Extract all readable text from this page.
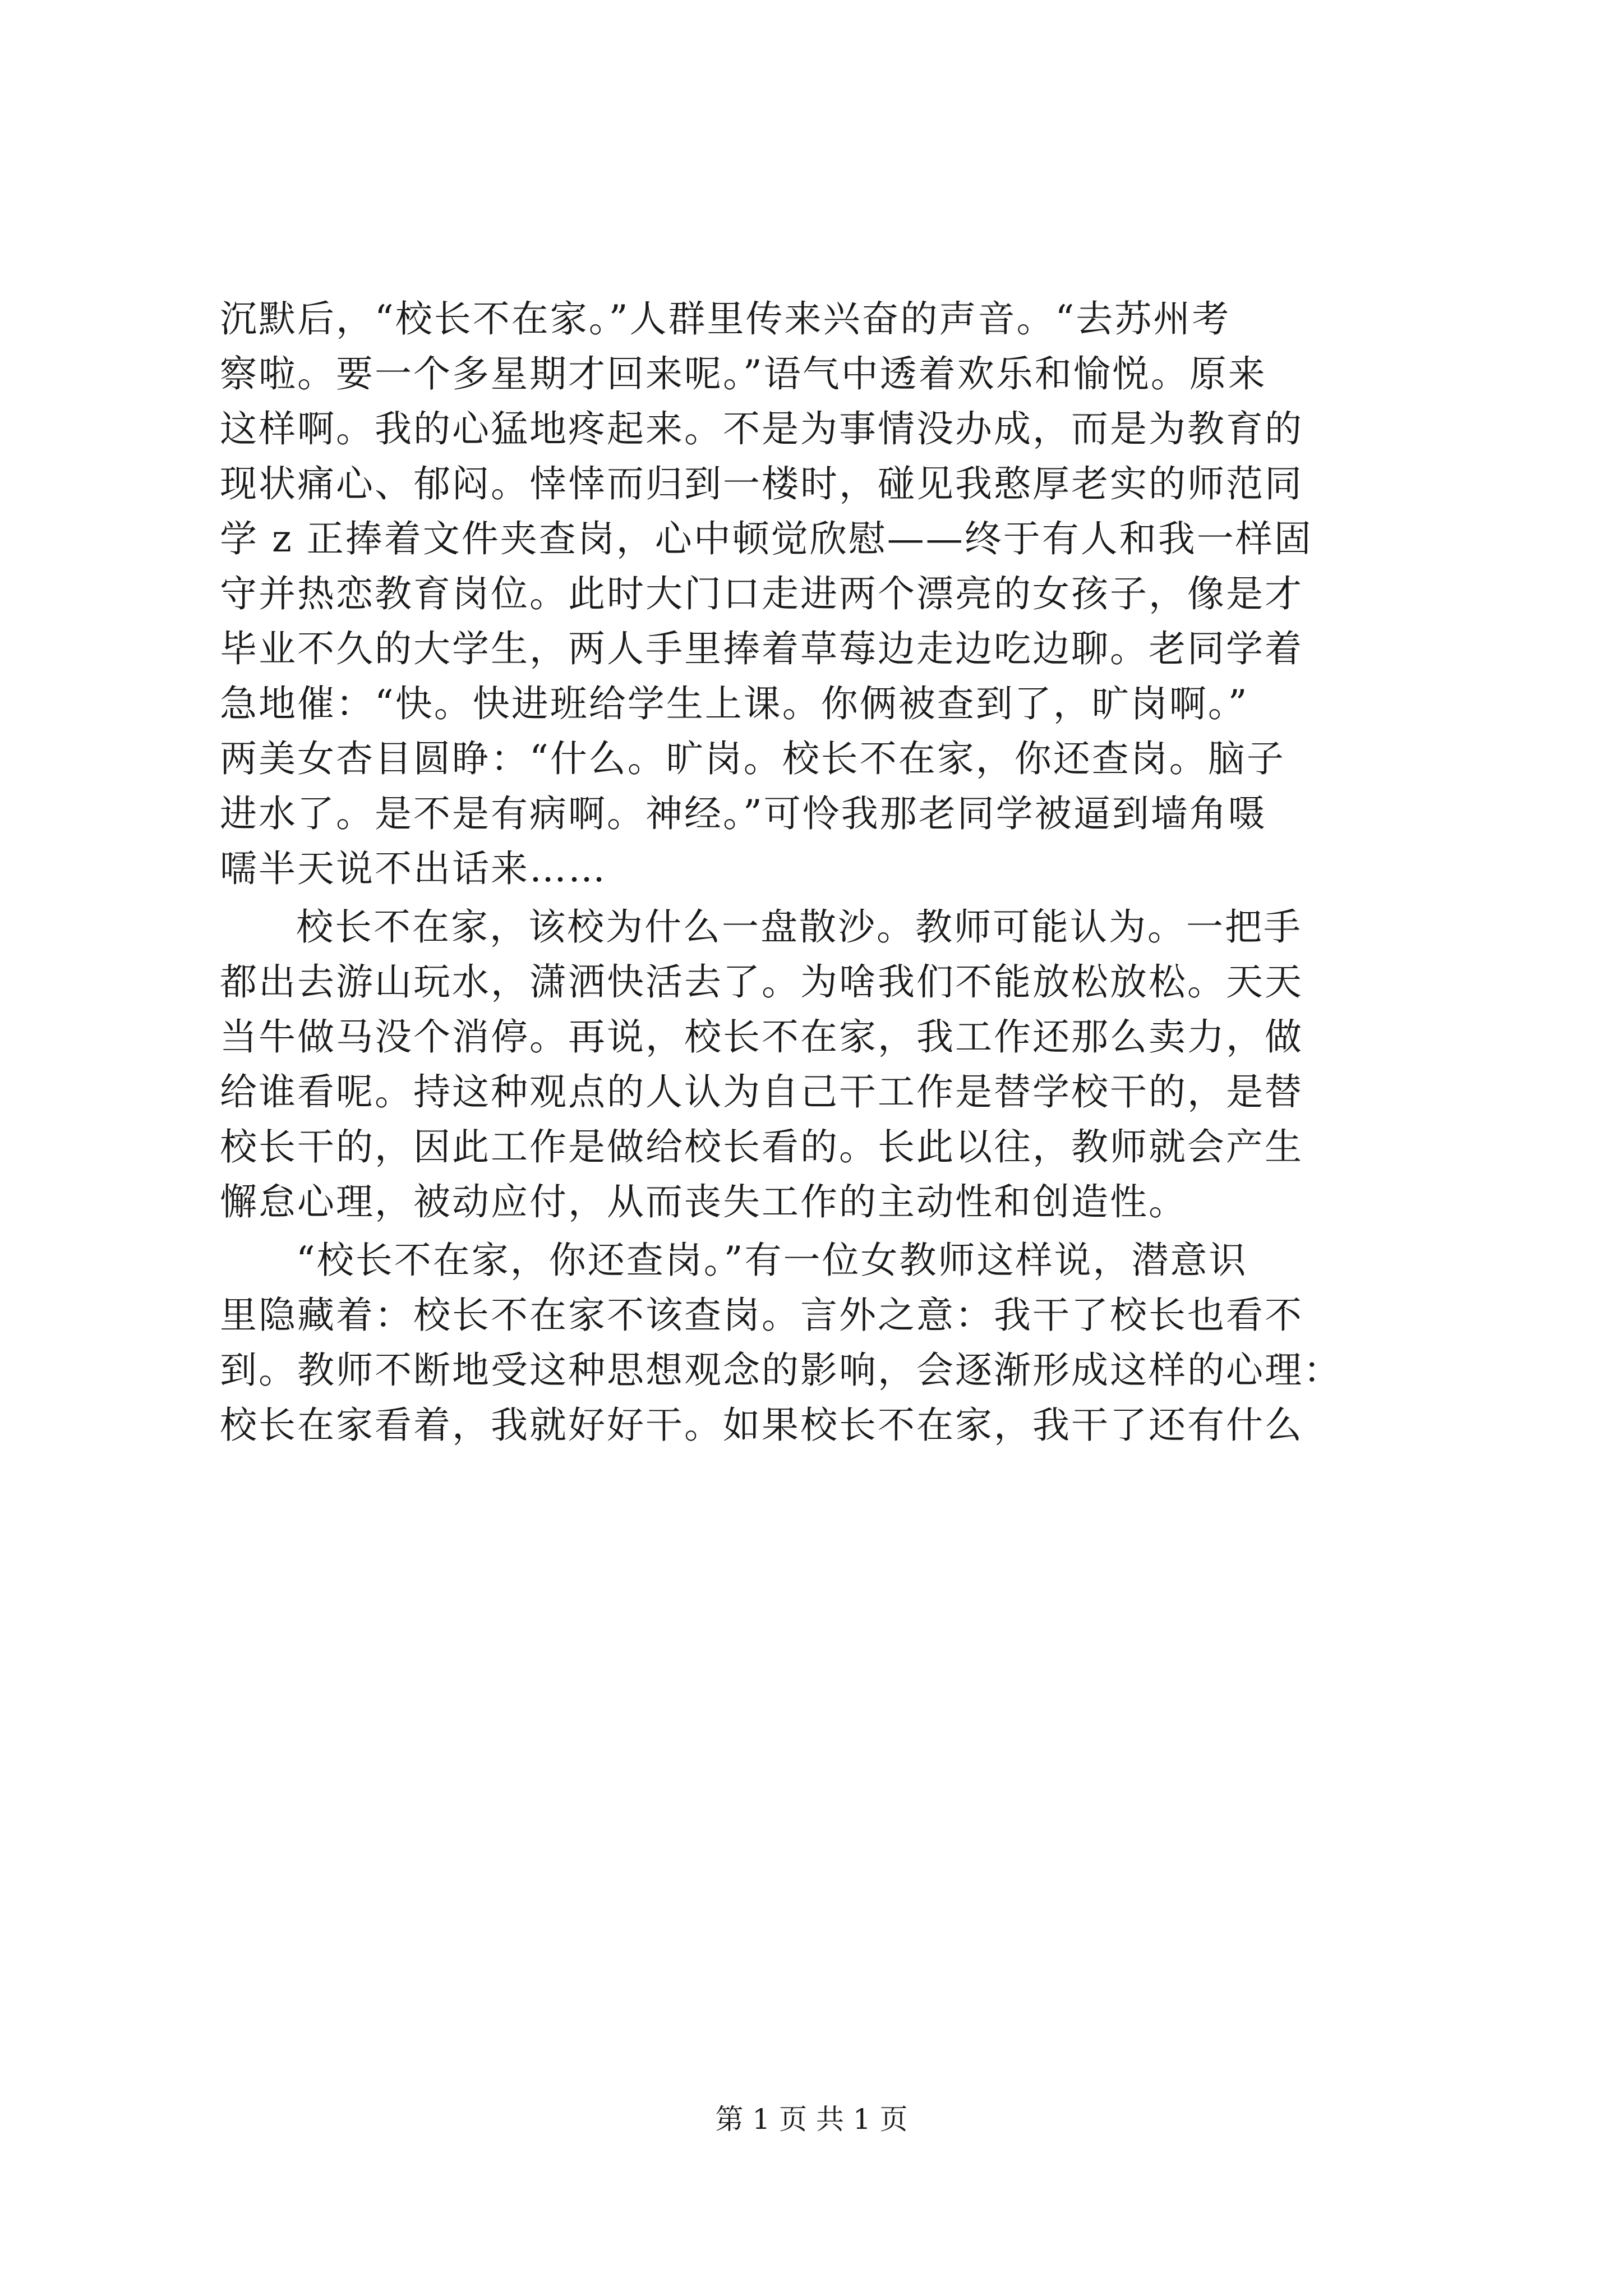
沉默后，“校长不在家。”人群里传来兴奋的声音。“去苏州考
察啦。要一个多星期才回来呢。”语气中透着欢乐和愉悦。原来
这样啊。我的心猛地疼起来。不是为事情没办成，而是为教育的
现状痛心、郁闷。悻悻而归到一楼时，碰见我憨厚老实的师范同
学 z 正捧着文件夹查岗，心中顿觉欣慰——终于有人和我一样固
守并热恋教育岗位。此时大门口走进两个漂亮的女孩子，像是才
毕业不久的大学生，两人手里捧着草莓边走边吃边聊。老同学着
急地催：“快。快进班给学生上课。你俩被查到了，旷岗啊。”
两美女杏目圆睁：“什么。旷岗。校长不在家，你还查岗。脑子
进水了。是不是有病啊。神经。”可怜我那老同学被逼到墙角嗫
嚅半天说不出话来……
校长不在家，该校为什么一盘散沙。教师可能认为。一把手
都出去游山玩水，潇洒快活去了。为啥我们不能放松放松。天天
当牛做马没个消停。再说，校长不在家，我工作还那么卖力，做
给谁看呢。持这种观点的人认为自己干工作是替学校干的，是替
校长干的，因此工作是做给校长看的。长此以往，教师就会产生
懈怠心理，被动应付，从而丧失工作的主动性和创造性。
“校长不在家，你还查岗。”有一位女教师这样说，潜意识
里隐藏着：校长不在家不该查岗。言外之意：我干了校长也看不
到。教师不断地受这种思想观念的影响，会逐渐形成这样的心理：
校长在家看着，我就好好干。如果校长不在家，我干了还有什么
第 1 页 共 1 页
